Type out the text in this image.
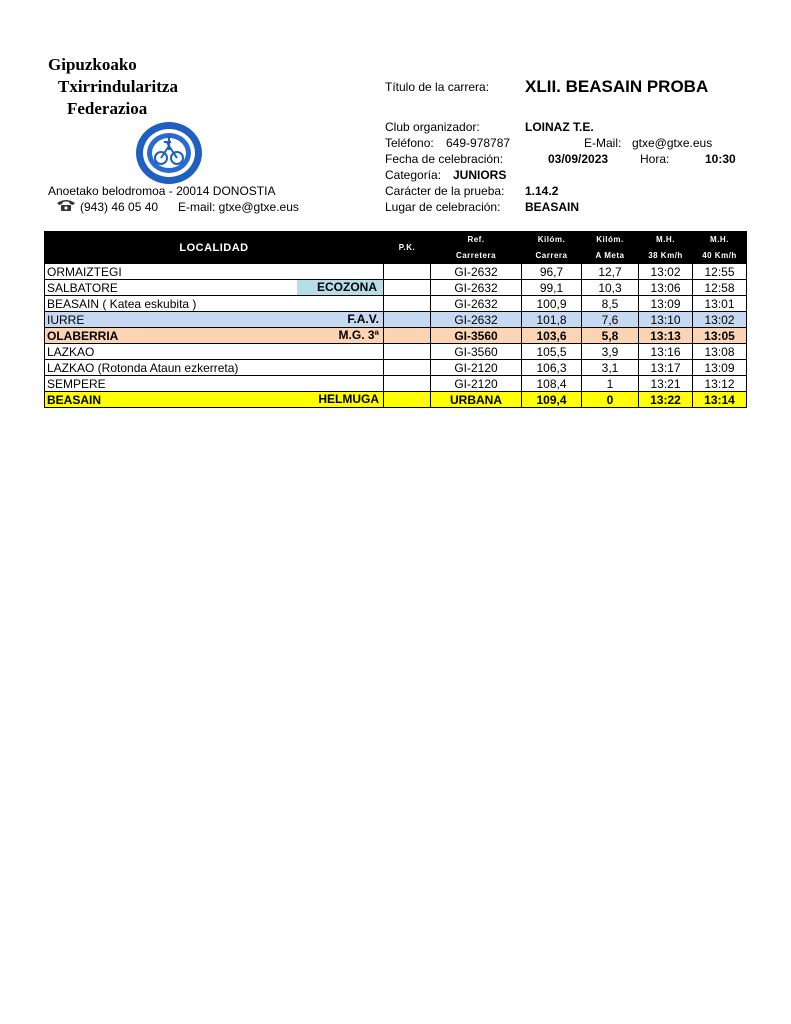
Gipuzkoako
Txirrindularitza
Federazioa
Anoetako belodromoa - 20014 DONOSTIA
(943) 46 05 40 E-mail: gtxe@gtxe.eus
Título de la carrera: XLII. BEASAIN PROBA
Club organizador:	LOINAZ T.E.
Teléfono: 649-978787	E-Mail: gtxe@gtxe.eus
Fecha de celebración:	03/09/2023	Hora:	10:30
Categoría: JUNIORS
Carácter de la prueba: 1.14.2
Lugar de celebración: BEASAIN
LOCALIDAD	P.K.	Ref.	Kilóm.	Kilóm.	M.H.	M.H.
		Carretera	Carrera	A Meta	38 Km/h	40 Km/h
ORMAIZTEGI		GI-2632	96,7	12,7	13:02	12:55
SALBATORE ECOZONA		GI-2632	99,1	10,3	13:06	12:58
BEASAIN ( Katea eskubita )		GI-2632	100,9	8,5	13:09	13:01
IURRE F.A.V.		GI-2632	101,8	7,6	13:10	13:02
OLABERRIA M.G. 3ª		GI-3560	103,6	5,8	13:13	13:05
LAZKAO		GI-3560	105,5	3,9	13:16	13:08
LAZKAO (Rotonda Ataun ezkerreta)		GI-2120	106,3	3,1	13:17	13:09
SEMPERE		GI-2120	108,4	1	13:21	13:12
BEASAIN HELMUGA		URBANA	109,4	0	13:22	13:14
